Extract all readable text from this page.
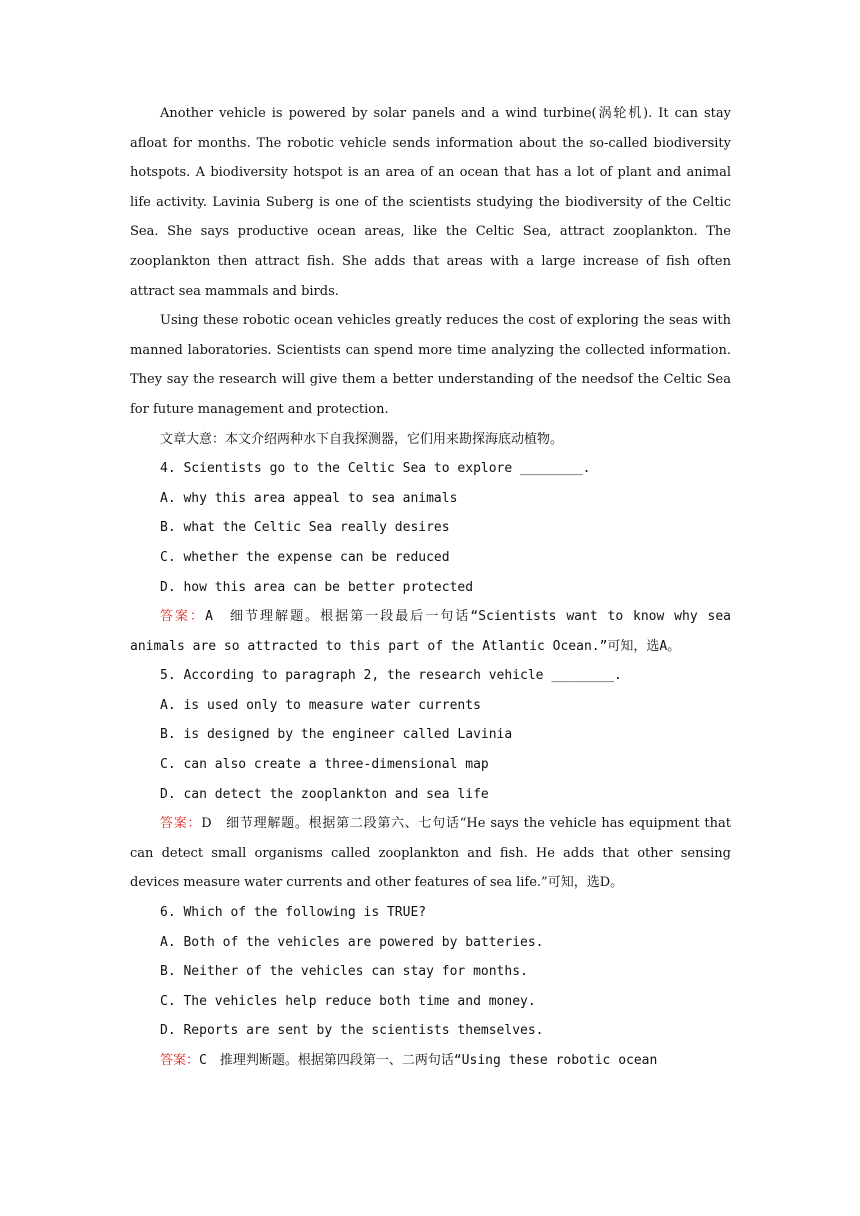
Another vehicle is powered by solar panels and a wind turbine(涡轮机). It can stay afloat for months. The robotic vehicle sends information about the so-called biodiversity hotspots. A biodiversity hotspot is an area of an ocean that has a lot of plant and animal life activity. Lavinia Suberg is one of the scientists studying the biodiversity of the Celtic Sea. She says productive ocean areas, like the Celtic Sea, attract zooplankton. The zooplankton then attract fish. She adds that areas with a large increase of fish often attract sea mammals and birds.

Using these robotic ocean vehicles greatly reduces the cost of exploring the seas with manned laboratories. Scientists can spend more time analyzing the collected information. They say the research will give them a better understanding of the needsof the Celtic Sea for future management and protection.

文章大意：本文介绍两种水下自我探测器，它们用来勘探海底动植物。

4. Scientists go to the Celtic Sea to explore ________.

A. why this area appeal to sea animals

B. what the Celtic Sea really desires

C. whether the expense can be reduced

D. how this area can be better protected

答案：A　细节理解题。根据第一段最后一句话“Scientists want to know why sea animals are so attracted to this part of the Atlantic Ocean.”可知，选A。

5. According to paragraph 2, the research vehicle ________.

A. is used only to measure water currents

B. is designed by the engineer called Lavinia

C. can also create a three-dimensional map

D. can detect the zooplankton and sea life

答案：D　细节理解题。根据第二段第六、七句话“He says the vehicle has equipment that can detect small organisms called zooplankton and fish. He adds that other sensing devices measure water currents and other features of sea life.”可知，选D。

6. Which of the following is TRUE?

A. Both of the vehicles are powered by batteries.

B. Neither of the vehicles can stay for months.

C. The vehicles help reduce both time and money.

D. Reports are sent by the scientists themselves.

答案：C　推理判断题。根据第四段第一、二两句话“Using these robotic ocean
